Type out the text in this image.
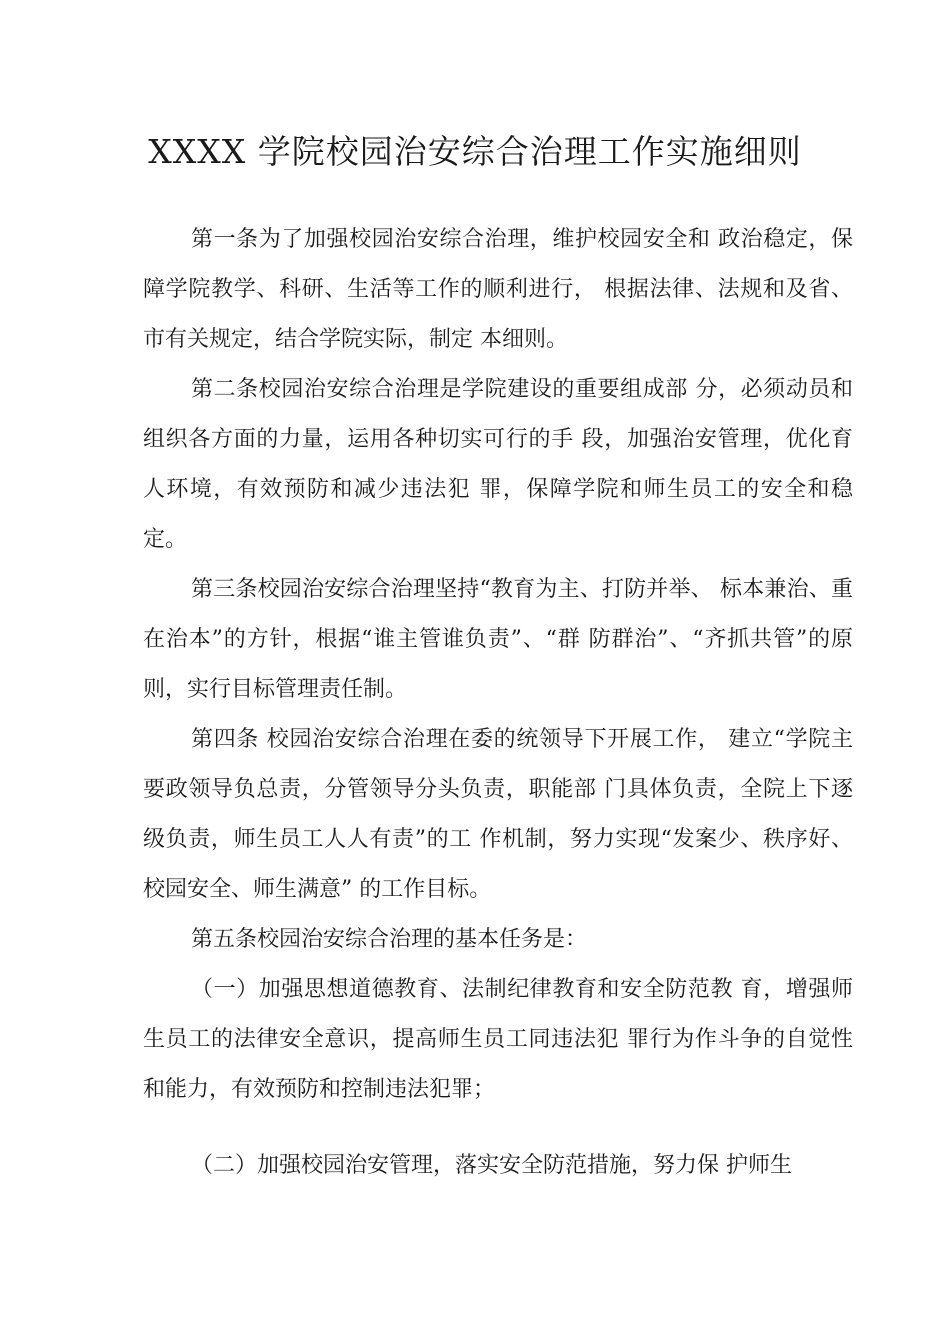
XXXX 学院校园治安综合治理工作实施细则

第一条为了加强校园治安综合治理，维护校园安全和 政治稳定，保障学院教学、科研、生活等工作的顺利进行， 根据法律、法规和及省、市有关规定，结合学院实际，制定 本细则。

第二条校园治安综合治理是学院建设的重要组成部 分，必须动员和组织各方面的力量，运用各种切实可行的手 段，加强治安管理，优化育人环境，有效预防和减少违法犯 罪，保障学院和师生员工的安全和稳定。

第三条校园治安综合治理坚持“教育为主、打防并举、 标本兼治、重在治本”的方针，根据“谁主管谁负责”、“群 防群治”、“齐抓共管”的原则，实行目标管理责任制。

第四条 校园治安综合治理在委的统领导下开展工作， 建立“学院主要政领导负总责，分管领导分头负责，职能部 门具体负责，全院上下逐级负责，师生员工人人有责”的工 作机制，努力实现“发案少、秩序好、校园安全、师生满意” 的工作目标。

第五条校园治安综合治理的基本任务是：

（一）加强思想道德教育、法制纪律教育和安全防范教 育，增强师生员工的法律安全意识，提高师生员工同违法犯 罪行为作斗争的自觉性和能力，有效预防和控制违法犯罪；

（二）加强校园治安管理，落实安全防范措施，努力保 护师生
